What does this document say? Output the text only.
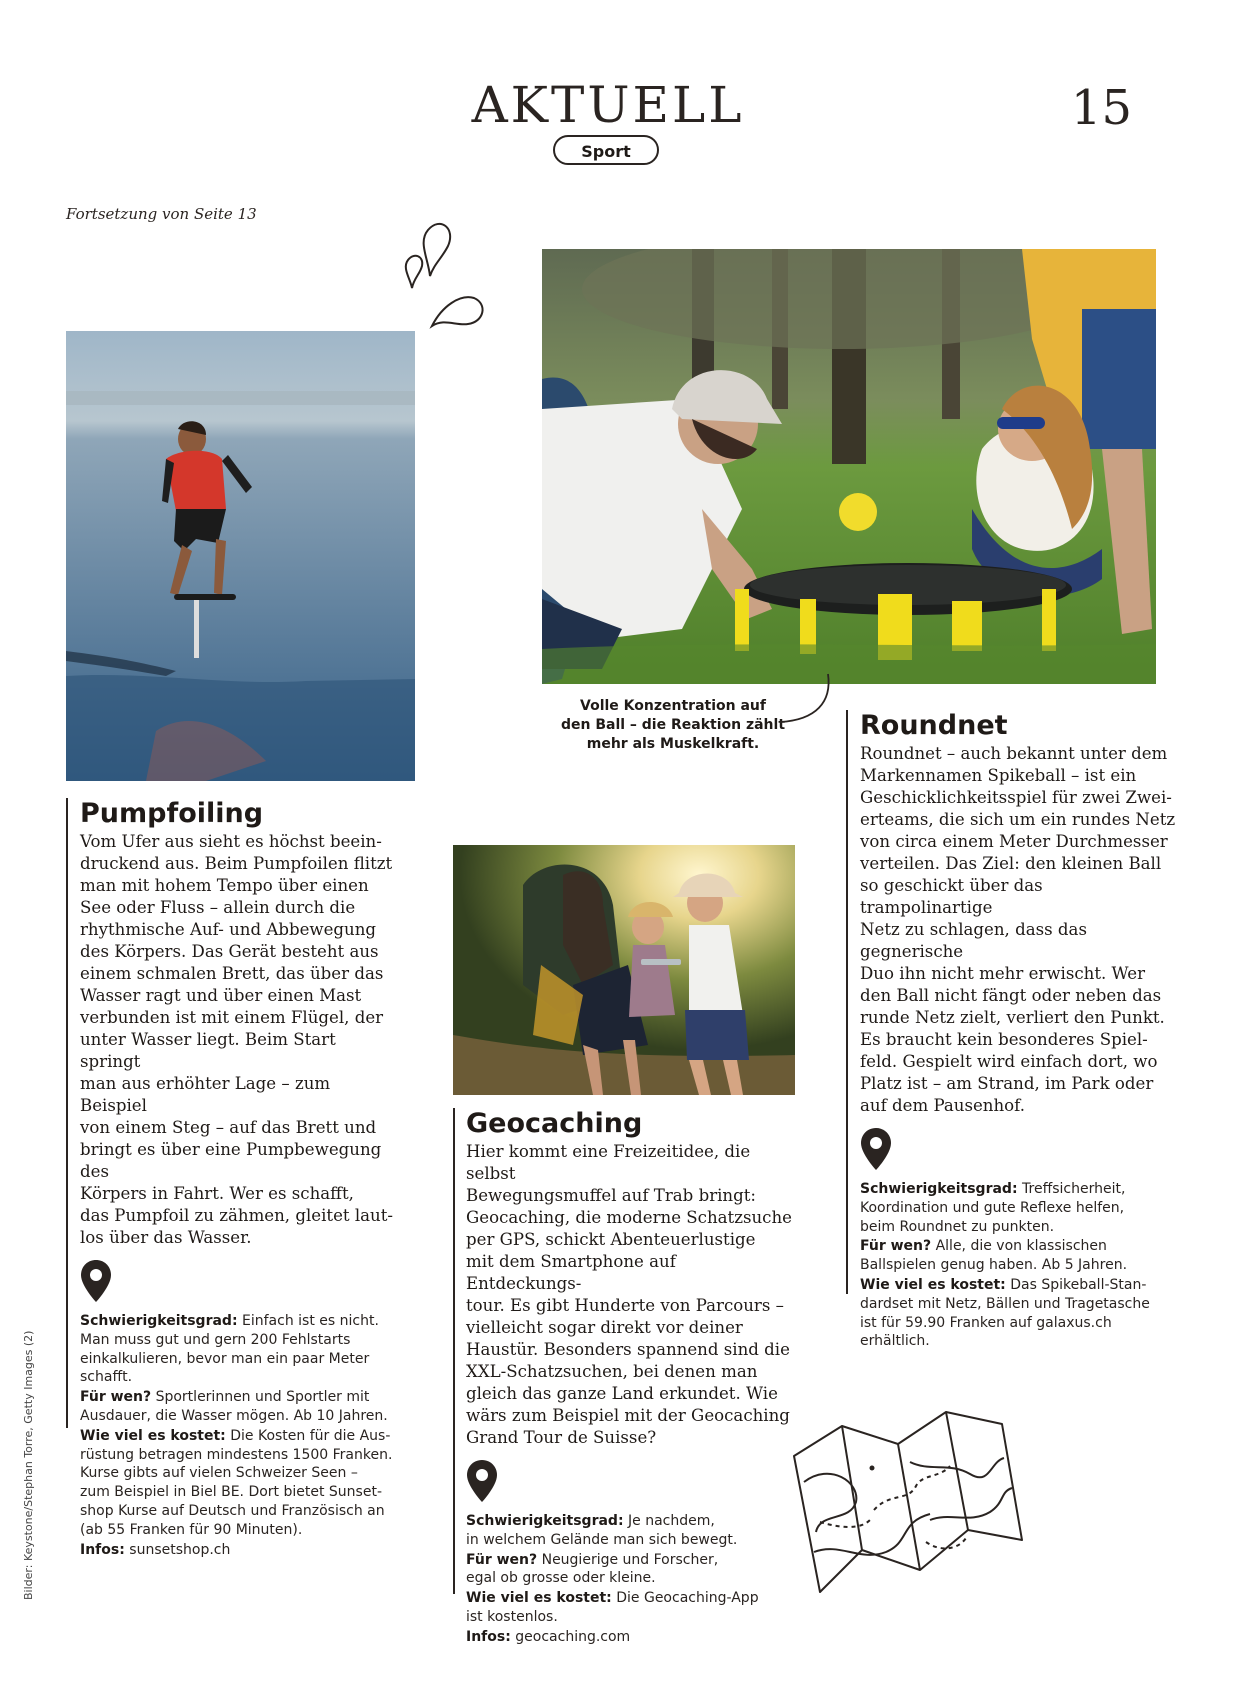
AKTUELL	15
Sport
Fortsetzung von Seite 13
Volle Konzentration auf
den Ball – die Reaktion zählt
mehr als Muskelkraft.
Pumpfoiling
Vom Ufer aus sieht es höchst beein-
druckend aus. Beim Pumpfoilen flitzt
man mit hohem Tempo über einen
See oder Fluss – allein durch die
rhythmische Auf- und Abbewegung
des Körpers. Das Gerät besteht aus
einem schmalen Brett, das über das
Wasser ragt und über einen Mast
verbunden ist mit einem Flügel, der
unter Wasser liegt. Beim Start springt
man aus erhöhter Lage – zum Beispiel
von einem Steg – auf das Brett und
bringt es über eine Pumpbewegung des
Körpers in Fahrt. Wer es schafft,
das Pumpfoil zu zähmen, gleitet laut-
los über das Wasser.

Schwierigkeitsgrad: Einfach ist es nicht.
Man muss gut und gern 200 Fehlstarts
einkalkulieren, bevor man ein paar Meter
schafft.

Für wen? Sportlerinnen und Sportler mit
Ausdauer, die Wasser mögen. Ab 10 Jahren.

Wie viel es kostet: Die Kosten für die Aus-
rüstung betragen mindestens 1500 Franken.
Kurse gibts auf vielen Schweizer Seen –
zum Beispiel in Biel BE. Dort bietet Sunset-
shop Kurse auf Deutsch und Französisch an
(ab 55 Franken für 90 Minuten).

Infos: sunsetshop.ch

Geocaching
Hier kommt eine Freizeitidee, die selbst
Bewegungsmuffel auf Trab bringt:
Geocaching, die moderne Schatzsuche
per GPS, schickt Abenteuerlustige
mit dem Smartphone auf Entdeckungs-
tour. Es gibt Hunderte von Parcours –
vielleicht sogar direkt vor deiner
Haustür. Besonders spannend sind die
XXL-Schatzsuchen, bei denen man
gleich das ganze Land erkundet. Wie
wärs zum Beispiel mit der Geocaching
Grand Tour de Suisse?

Schwierigkeitsgrad: Je nachdem,
in welchem Gelände man sich bewegt.

Für wen? Neugierige und Forscher,
egal ob grosse oder kleine.

Wie viel es kostet: Die Geocaching-App
ist kostenlos.

Infos: geocaching.com

Roundnet
Roundnet – auch bekannt unter dem
Markennamen Spikeball – ist ein
Geschicklichkeitsspiel für zwei Zwei-
erteams, die sich um ein rundes Netz
von circa einem Meter Durchmesser
verteilen. Das Ziel: den kleinen Ball
so geschickt über das trampolinartige
Netz zu schlagen, dass das gegnerische
Duo ihn nicht mehr erwischt. Wer
den Ball nicht fängt oder neben das
runde Netz zielt, verliert den Punkt.
Es braucht kein besonderes Spiel-
feld. Gespielt wird einfach dort, wo
Platz ist – am Strand, im Park oder
auf dem Pausenhof.

Schwierigkeitsgrad: Treffsicherheit,
Koordination und gute Reflexe helfen,
beim Roundnet zu punkten.

Für wen? Alle, die von klassischen
Ballspielen genug haben. Ab 5 Jahren.

Wie viel es kostet: Das Spikeball-Stan-
dardset mit Netz, Bällen und Tragetasche
ist für 59.90 Franken auf galaxus.ch
erhältlich.

Bilder: Keystone/Stephan Torre, Getty Images (2)
